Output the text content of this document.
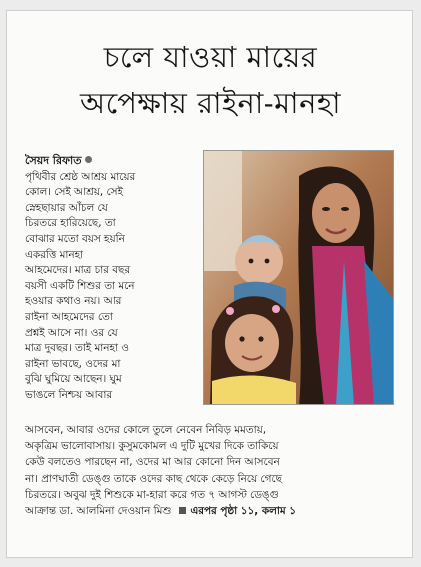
চলে যাওয়া মায়ের
অপেক্ষায় রাইনা-মানহা
সৈয়দ রিফাত
পৃথিবীর শ্রেষ্ঠ আশ্রয় মায়ের
কোল। সেই আশ্রয়, সেই
স্নেহছায়ার আঁচল যে
চিরতরে হারিয়েছে, তা
বোঝার মতো বয়স হয়নি
একরত্তি মানহা
আহমেদের। মাত্র চার বছর
বয়সী একটি শিশুর তা মনে
হওয়ার কথাও নয়। আর
রাইনা আহমেদের তো
প্রশ্নই আসে না। ওর যে
মাত্র দুবছর। তাই মানহা ও
রাইনা ভাবছে, ওদের মা
বুঝি ঘুমিয়ে আছেন। ঘুম
ভাঙলে নিশ্চয় আবার
আসবেন, আবার ওদের কোলে তুলে নেবেন নিবিড় মমতায়,
অকৃত্রিম ভালোবাসায়। কুসুমকোমল এ দুটি মুখের দিকে তাকিয়ে
কেউ বলতেও পারছেন না, ওদের মা আর কোনো দিন আসবেন
না। প্রাণঘাতী ডেঙ্গু তাকে ওদের কাছ থেকে কেড়ে নিয়ে গেছে
চিরতরে। অবুঝ দুই শিশুকে মা-হারা করে গত ৭ আগস্ট ডেঙ্গু
আক্রান্ত ডা. আলমিনা দেওয়ান মিশু এরপর পৃষ্ঠা ১১, কলাম ১
